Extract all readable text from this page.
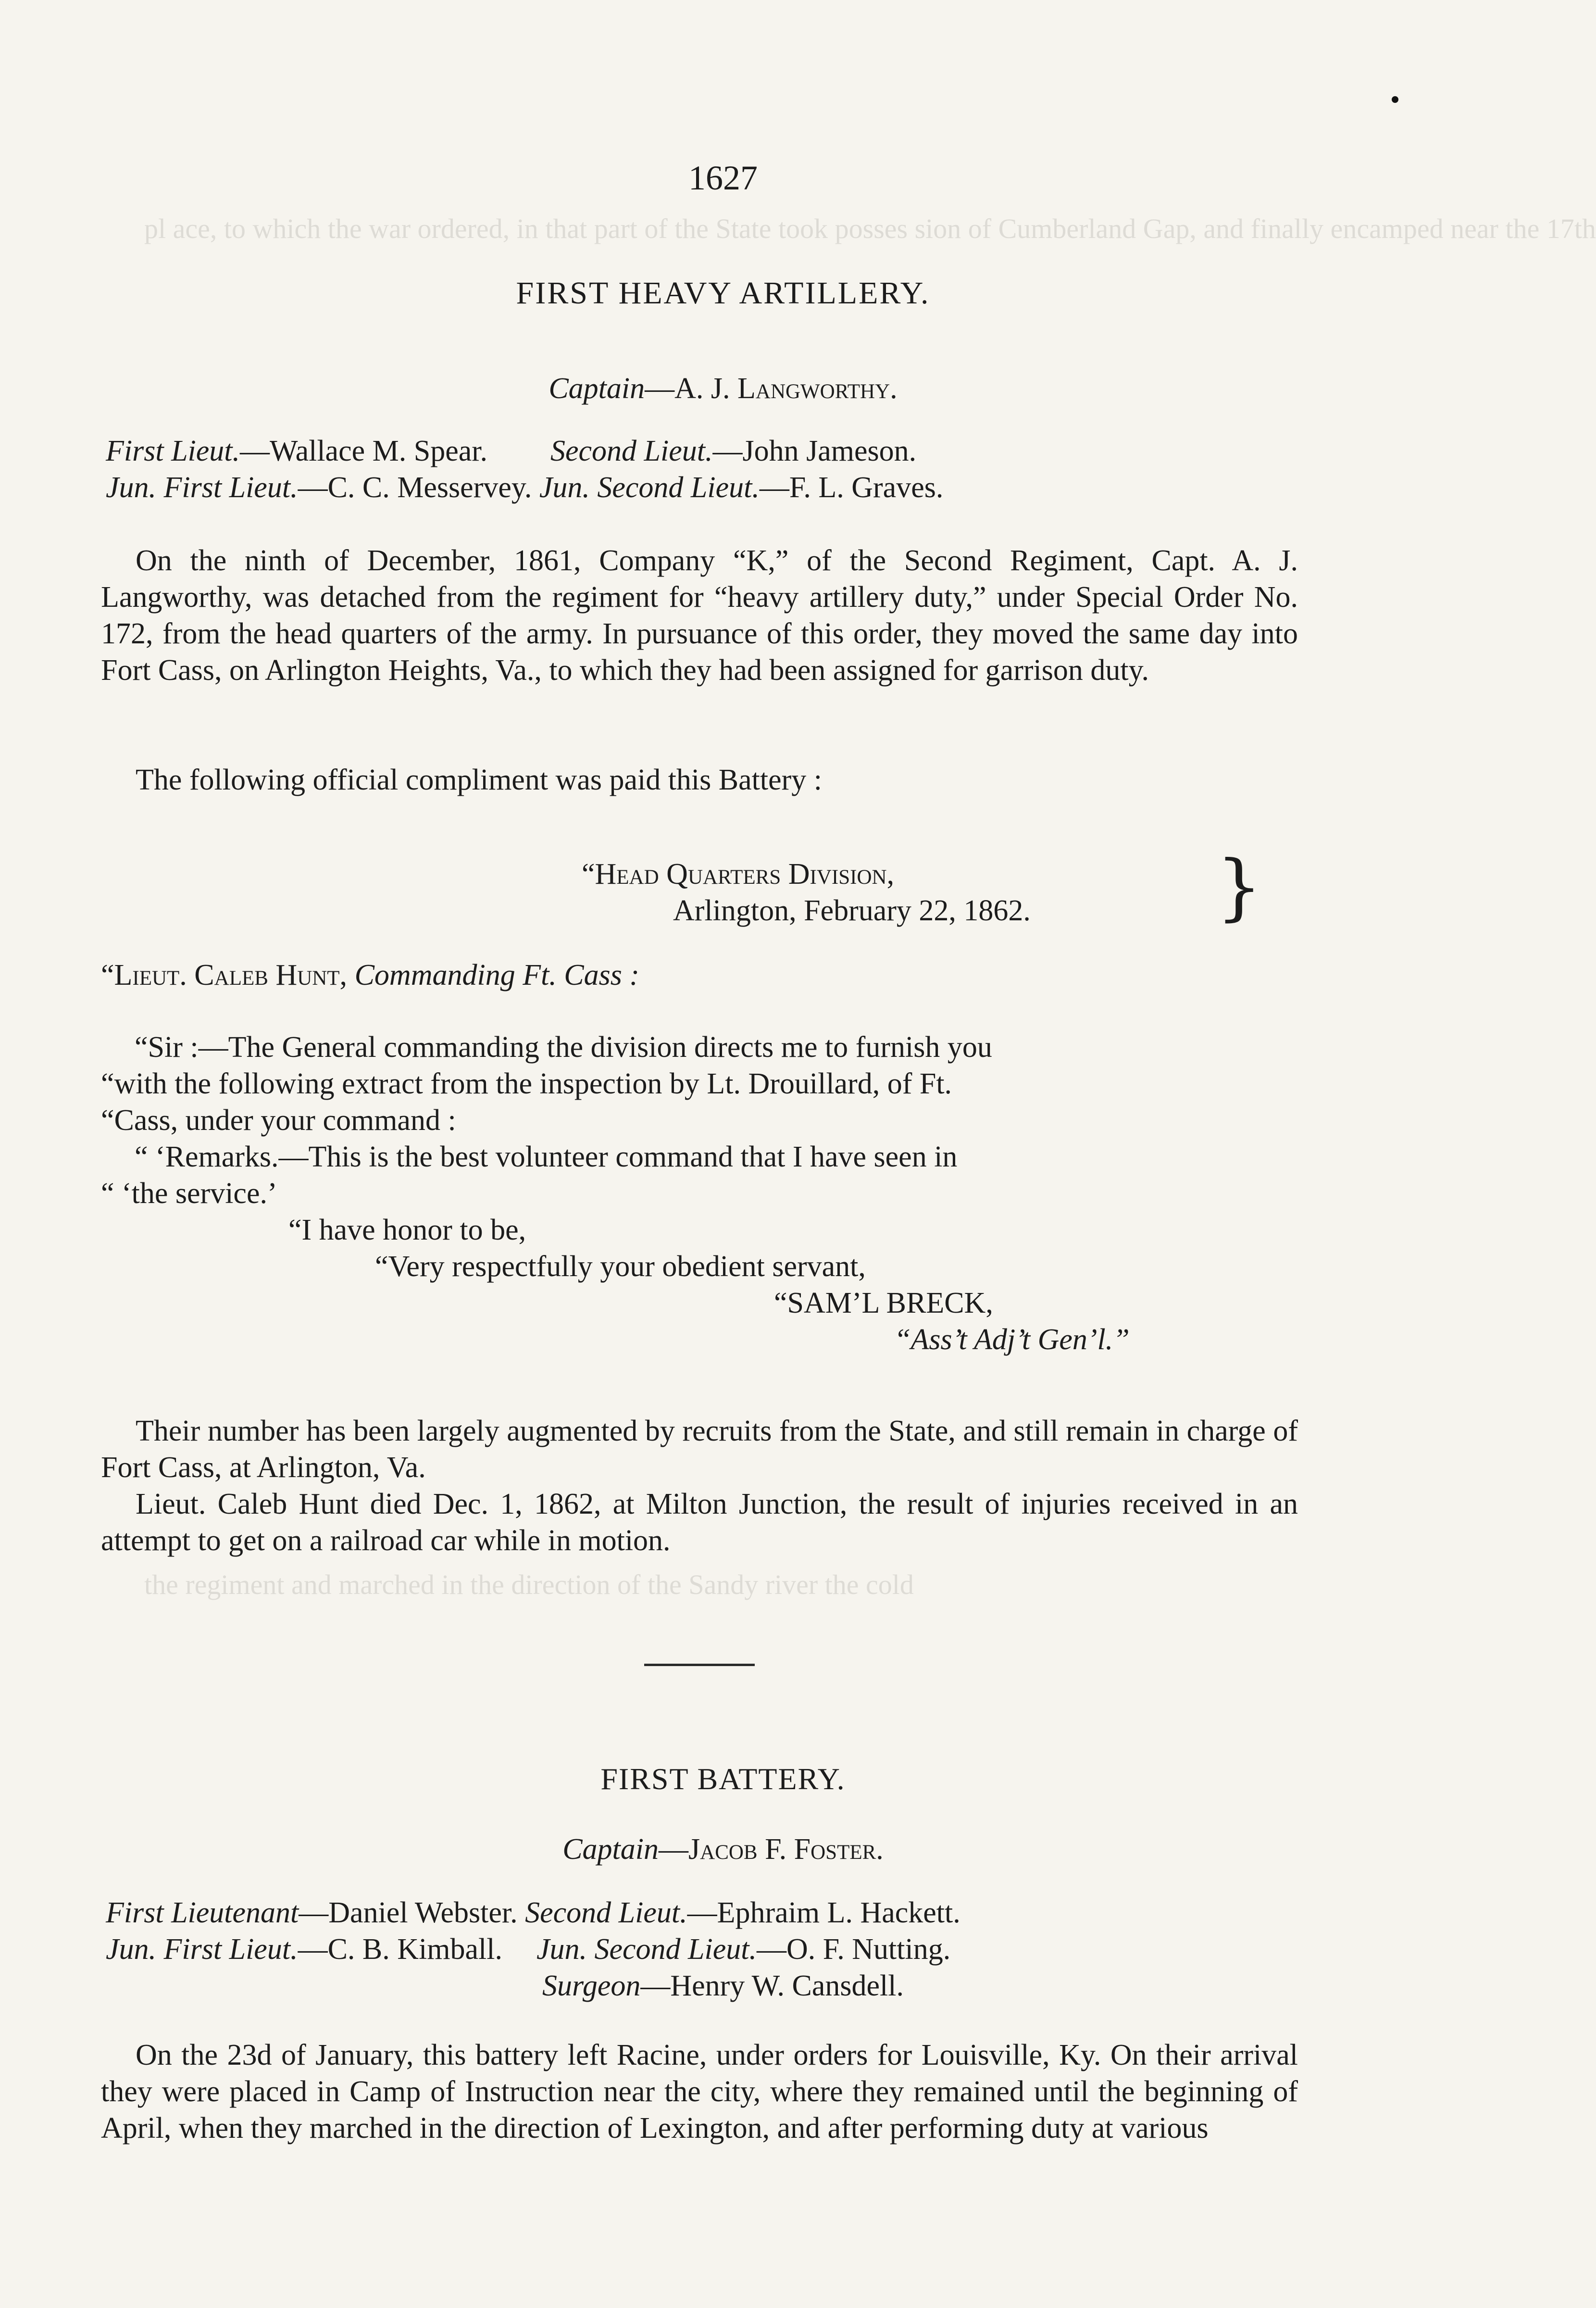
pl ace, to which the war ordered, in that part of the State took posses sion of Cumberland Gap, and finally encamped near the 17th
the regiment and marched in the direction of the Sandy river the cold
1627
FIRST HEAVY ARTILLERY.
Captain—A. J. Langworthy.
First Lieut.—Wallace M. Spear. Second Lieut.—John Jameson.
Jun. First Lieut.—C. C. Messervey. Jun. Second Lieut.—F. L. Graves.
On the ninth of December, 1861, Company “K,” of the Second Regiment, Capt. A. J. Langworthy, was detached from the regiment for “heavy artillery duty,” under Special Order No. 172, from the head quarters of the army. In pursuance of this order, they moved the same day into Fort Cass, on Arlington Heights, Va., to which they had been assigned for garrison duty.
The following official compliment was paid this Battery :
“Head Quarters Division,
Arlington, February 22, 1862.	}
“Lieut. Caleb Hunt, Commanding Ft. Cass :
“Sir :—The General commanding the division directs me to furnish you
“with the following extract from the inspection by Lt. Drouillard, of Ft.
“Cass, under your command :
“ ‘Remarks.—This is the best volunteer command that I have seen in
“ ‘the service.’
“I have honor to be,
“Very respectfully your obedient servant,
“SAM’L BRECK,
“Ass’t Adj’t Gen’l.”
Their number has been largely augmented by recruits from the State, and still remain in charge of Fort Cass, at Arlington, Va.
Lieut. Caleb Hunt died Dec. 1, 1862, at Milton Junction, the result of injuries received in an attempt to get on a railroad car while in motion.
FIRST BATTERY.
Captain—Jacob F. Foster.
First Lieutenant—Daniel Webster. Second Lieut.—Ephraim L. Hackett.
Jun. First Lieut.—C. B. Kimball. Jun. Second Lieut.—O. F. Nutting.
Surgeon—Henry W. Cansdell.
On the 23d of January, this battery left Racine, under orders for Louisville, Ky. On their arrival they were placed in Camp of Instruction near the city, where they remained until the beginning of April, when they marched in the direction of Lexington, and after performing duty at various
